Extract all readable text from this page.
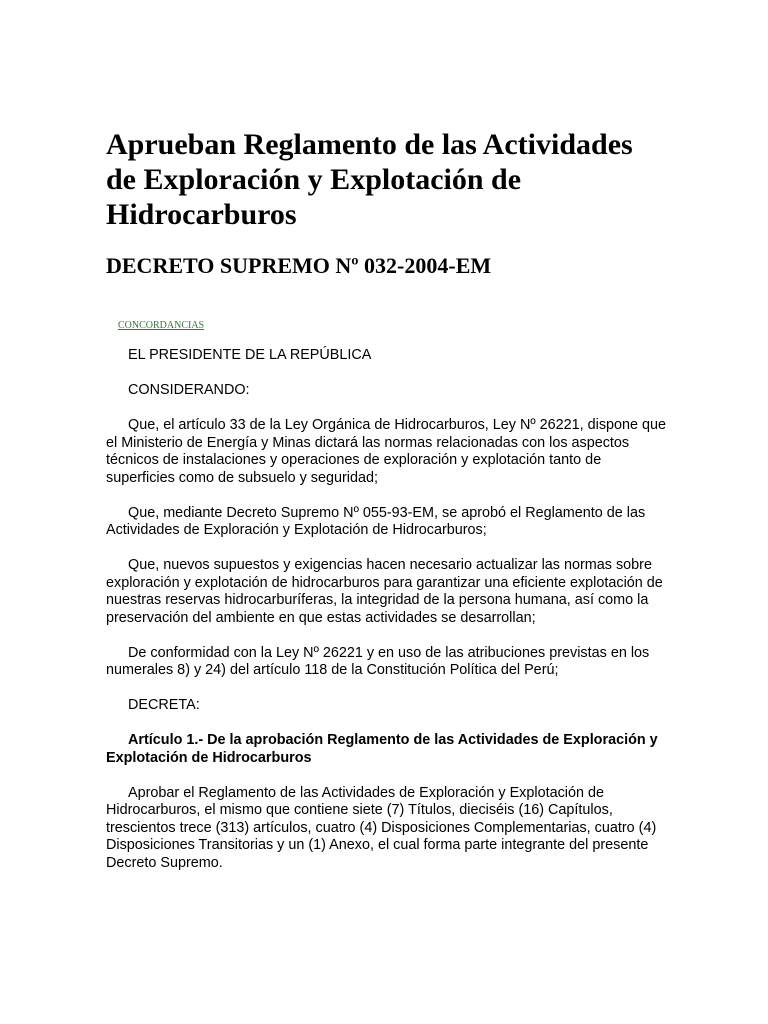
Aprueban Reglamento de las Actividades de Exploración y Explotación de Hidrocarburos
DECRETO SUPREMO Nº 032-2004-EM
CONCORDANCIAS

EL PRESIDENTE DE LA REPÚBLICA

CONSIDERANDO:

Que, el artículo 33 de la Ley Orgánica de Hidrocarburos, Ley Nº 26221, dispone que el Ministerio de Energía y Minas dictará las normas relacionadas con los aspectos técnicos de instalaciones y operaciones de exploración y explotación tanto de superficies como de subsuelo y seguridad;

Que, mediante Decreto Supremo Nº 055-93-EM, se aprobó el Reglamento de las Actividades de Exploración y Explotación de Hidrocarburos;

Que, nuevos supuestos y exigencias hacen necesario actualizar las normas sobre exploración y explotación de hidrocarburos para garantizar una eficiente explotación de nuestras reservas hidrocarburíferas, la integridad de la persona humana, así como la preservación del ambiente en que estas actividades se desarrollan;

De conformidad con la Ley Nº 26221 y en uso de las atribuciones previstas en los numerales 8) y 24) del artículo 118 de la Constitución Política del Perú;

DECRETA:

Artículo 1.- De la aprobación Reglamento de las Actividades de Exploración y Explotación de Hidrocarburos

Aprobar el Reglamento de las Actividades de Exploración y Explotación de Hidrocarburos, el mismo que contiene siete (7) Títulos, dieciséis (16) Capítulos, trescientos trece (313) artículos, cuatro (4) Disposiciones Complementarias, cuatro (4) Disposiciones Transitorias y un (1) Anexo, el cual forma parte integrante del presente Decreto Supremo.
